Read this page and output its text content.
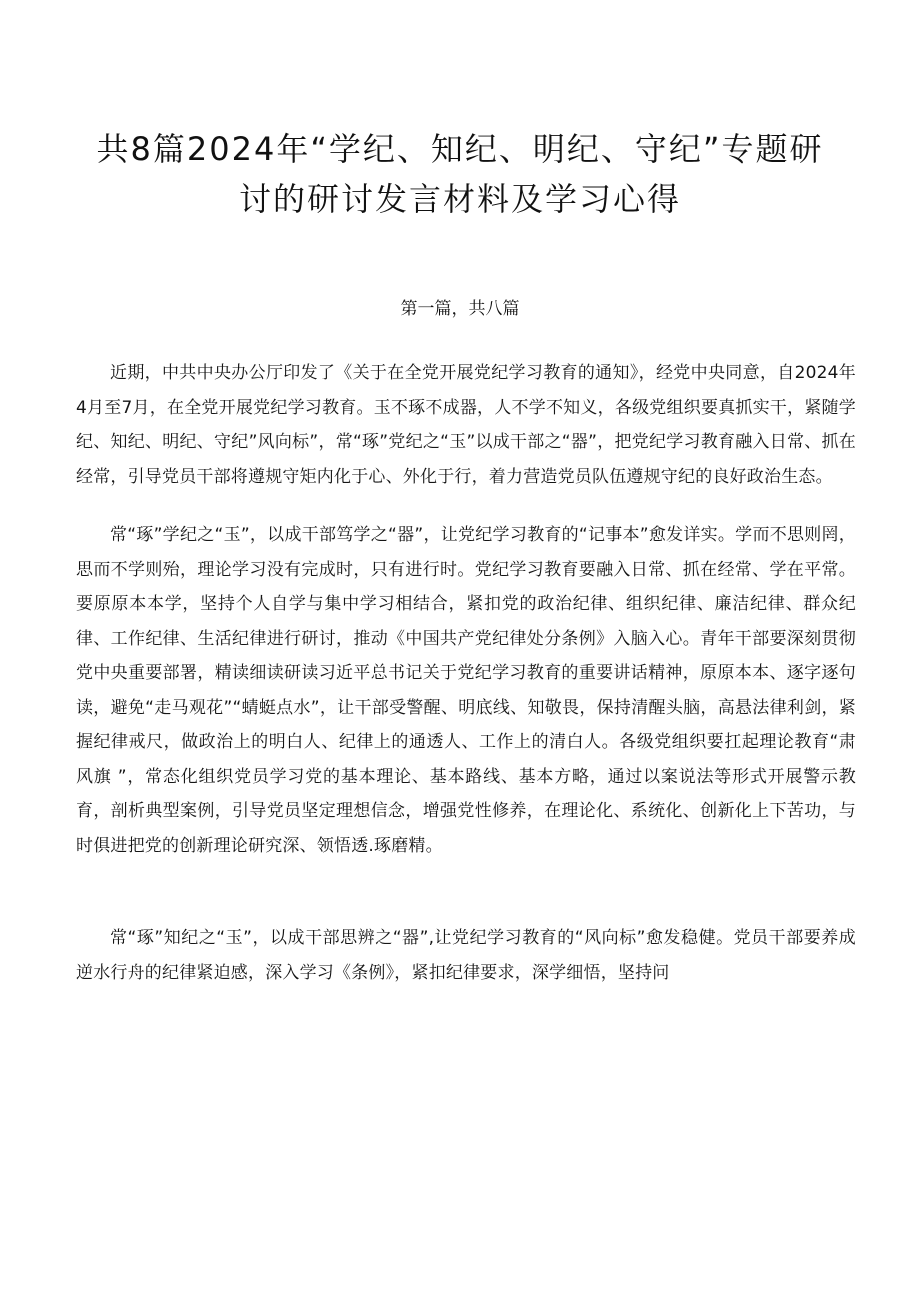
共8篇2024年“学纪、知纪、明纪、守纪”专题研
讨的研讨发言材料及学习心得

第一篇，共八篇

近期，中共中央办公厅印发了《关于在全党开展党纪学习教育的通知》，经党中央同意，自2024年4月至7月，在全党开展党纪学习教育。玉不琢不成器，人不学不知义，各级党组织要真抓实干，紧随学纪、知纪、明纪、守纪”风向标”，常“琢”党纪之“玉”以成干部之“器”，把党纪学习教育融入日常、抓在经常，引导党员干部将遵规守矩内化于心、外化于行，着力营造党员队伍遵规守纪的良好政治生态。

常“琢”学纪之“玉”，以成干部笃学之“器”，让党纪学习教育的“记事本”愈发详实。学而不思则罔，思而不学则殆，理论学习没有完成时，只有进行时。党纪学习教育要融入日常、抓在经常、学在平常。要原原本本学，坚持个人自学与集中学习相结合，紧扣党的政治纪律、组织纪律、廉洁纪律、群众纪律、工作纪律、生活纪律进行研讨，推动《中国共产党纪律处分条例》入脑入心。青年干部要深刻贯彻党中央重要部署，精读细读研读习近平总书记关于党纪学习教育的重要讲话精神，原原本本、逐字逐句读，避免“走马观花”“蜻蜓点水”，让干部受警醒、明底线、知敬畏，保持清醒头脑，高悬法律利剑，紧握纪律戒尺，做政治上的明白人、纪律上的通透人、工作上的清白人。各级党组织要扛起理论教育“肃风旗 ”，常态化组织党员学习党的基本理论、基本路线、基本方略，通过以案说法等形式开展警示教育，剖析典型案例，引导党员坚定理想信念，增强党性修养，在理论化、系统化、创新化上下苦功，与时俱进把党的创新理论研究深、领悟透.琢磨精。

常“琢”知纪之“玉”，以成干部思辨之“器”,让党纪学习教育的“风向标”愈发稳健。党员干部要养成逆水行舟的纪律紧迫感，深入学习《条例》，紧扣纪律要求，深学细悟，坚持问
